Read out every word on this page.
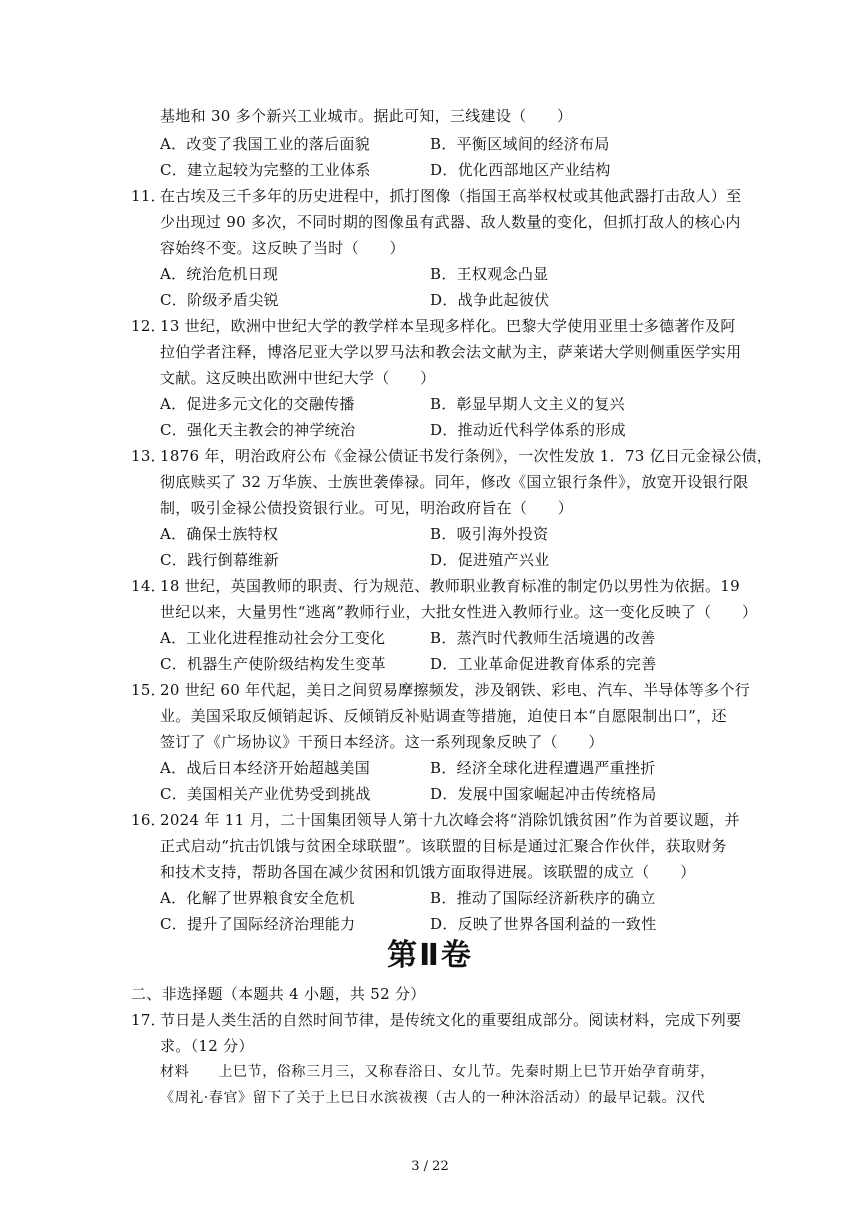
基地和 30 多个新兴工业城市。据此可知，三线建设（　　）
A．改变了我国工业的落后面貌	B．平衡区域间的经济布局
C．建立起较为完整的工业体系	D．优化西部地区产业结构
11．
在古埃及三千多年的历史进程中，抓打图像（指国王高举权杖或其他武器打击敌人）至
少出现过 90 多次，不同时期的图像虽有武器、敌人数量的变化，但抓打敌人的核心内
容始终不变。这反映了当时（　　）
A．统治危机日现	B．王权观念凸显
C．阶级矛盾尖锐	D．战争此起彼伏
12．
13 世纪，欧洲中世纪大学的教学样本呈现多样化。巴黎大学使用亚里士多德著作及阿
拉伯学者注释，博洛尼亚大学以罗马法和教会法文献为主，萨莱诺大学则侧重医学实用
文献。这反映出欧洲中世纪大学（　　）
A．促进多元文化的交融传播	B．彰显早期人文主义的复兴
C．强化天主教会的神学统治	D．推动近代科学体系的形成
13．
1876 年，明治政府公布《金禄公债证书发行条例》，一次性发放 1．73 亿日元金禄公债，
彻底赎买了 32 万华族、士族世袭俸禄。同年，修改《国立银行条件》，放宽开设银行限
制，吸引金禄公债投资银行业。可见，明治政府旨在（　　）
A．确保士族特权	B．吸引海外投资
C．践行倒幕维新	D．促进殖产兴业
14．
18 世纪，英国教师的职责、行为规范、教师职业教育标准的制定仍以男性为依据。19
世纪以来，大量男性“逃离”教师行业，大批女性进入教师行业。这一变化反映了（　　）
A．工业化进程推动社会分工变化	B．蒸汽时代教师生活境遇的改善
C．机器生产使阶级结构发生变革	D．工业革命促进教育体系的完善
15．
20 世纪 60 年代起，美日之间贸易摩擦频发，涉及钢铁、彩电、汽车、半导体等多个行
业。美国采取反倾销起诉、反倾销反补贴调查等措施，迫使日本“自愿限制出口”，还
签订了《广场协议》干预日本经济。这一系列现象反映了（　　）
A．战后日本经济开始超越美国	B．经济全球化进程遭遇严重挫折
C．美国相关产业优势受到挑战	D．发展中国家崛起冲击传统格局
16．
2024 年 11 月，二十国集团领导人第十九次峰会将“消除饥饿贫困”作为首要议题，并
正式启动“抗击饥饿与贫困全球联盟”。该联盟的目标是通过汇聚合作伙伴，获取财务
和技术支持，帮助各国在减少贫困和饥饿方面取得进展。该联盟的成立（　　）
A．化解了世界粮食安全危机	B．推动了国际经济新秩序的确立
C．提升了国际经济治理能力	D．反映了世界各国利益的一致性
第Ⅱ卷
二、非选择题（本题共 4 小题，共 52 分）
17．
节日是人类生活的自然时间节律，是传统文化的重要组成部分。阅读材料，完成下列要
求。（12 分）
材料　　上巳节，俗称三月三，又称春浴日、女儿节。先秦时期上巳节开始孕育萌芽，
《周礼·春官》留下了关于上巳日水滨祓禊（古人的一种沐浴活动）的最早记载。汉代
3 / 22
